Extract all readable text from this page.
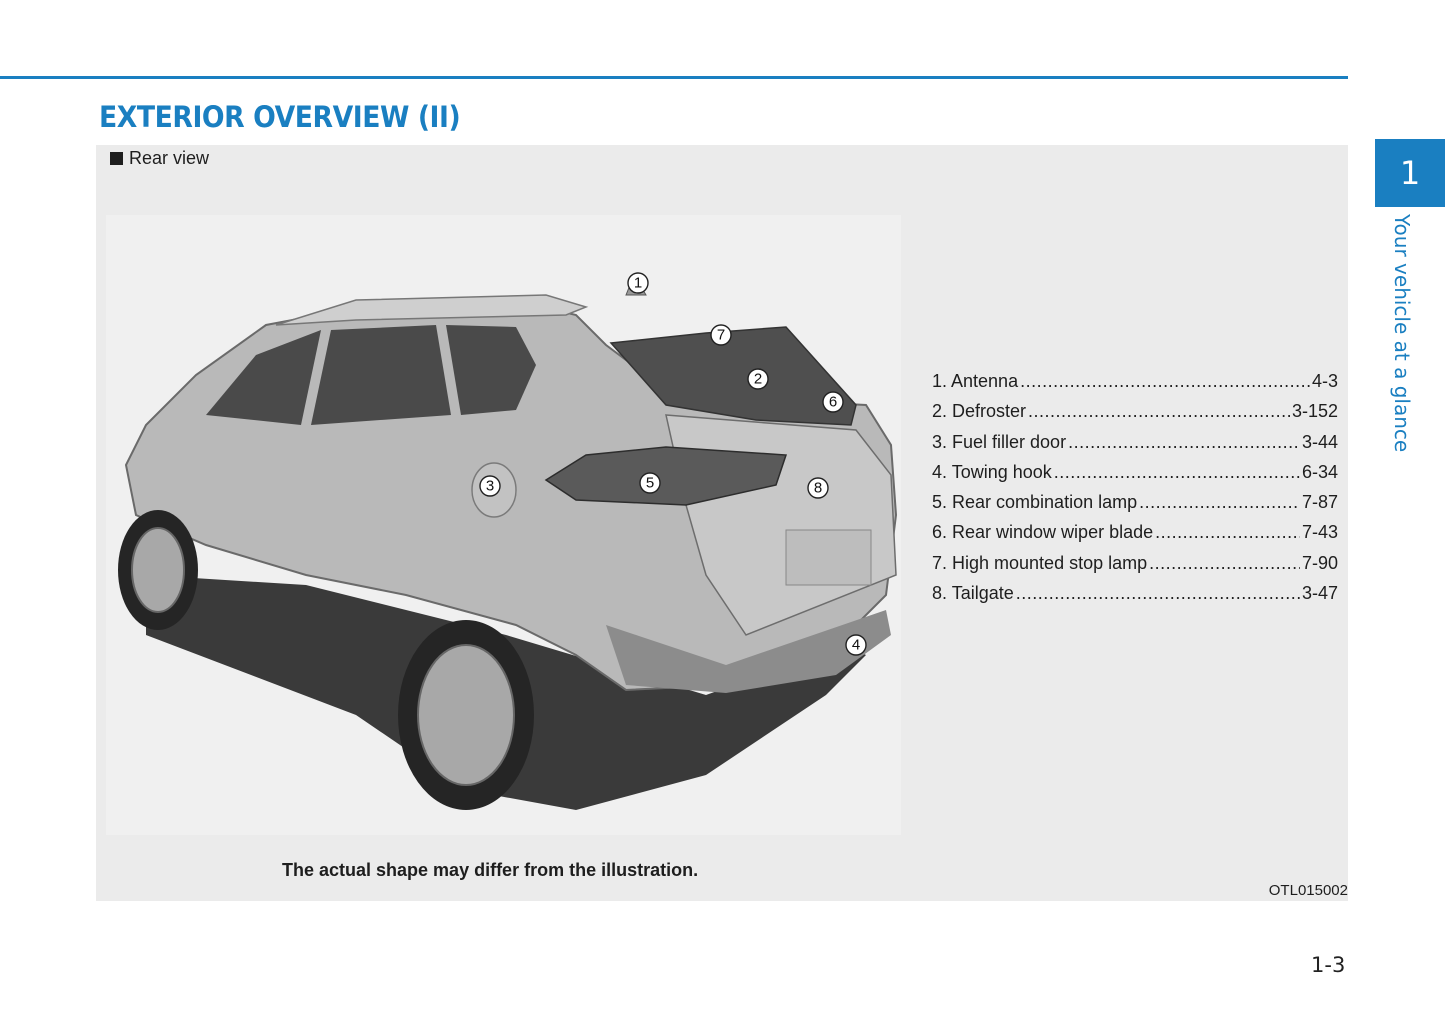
EXTERIOR OVERVIEW (II)
Rear view
1
2
3
4
5
6
7
8
The actual shape may differ from the illustration.
OTL015002
1. Antenna .....	4-3
2. Defroster .....	3-152
3. Fuel filler door .....	3-44
4. Towing hook .....	6-34
5. Rear combination lamp .....	7-87
6. Rear window wiper blade .....	7-43
7. High mounted stop lamp .....	7-90
8. Tailgate .....	3-47
1
Your vehicle at a glance
1-3
